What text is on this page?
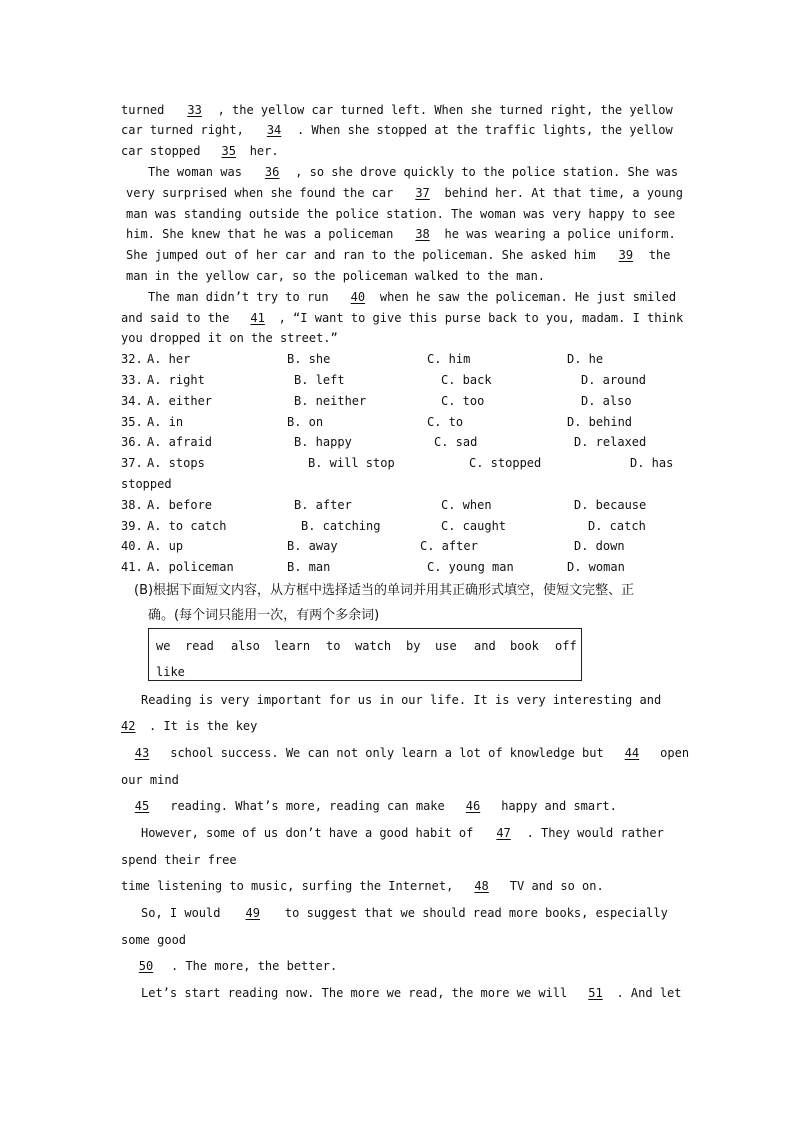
turned 33 , the yellow car turned left. When she turned right, the yellow
car turned right, 34 . When she stopped at the traffic lights, the yellow
car stopped 35 her.
The woman was 36 , so she drove quickly to the police station. She was
very surprised when she found the car 37 behind her. At that time, a young
man was standing outside the police station. The woman was very happy to see
him. She knew that he was a policeman 38 he was wearing a police uniform.
She jumped out of her car and ran to the policeman. She asked him 39 the
man in the yellow car, so the policeman walked to the man.
The man didn’t try to run 40 when he saw the policeman. He just smiled
and said to the 41 , “I want to give this purse back to you, madam. I think
you dropped it on the street.”
32. A. her	B. she	C. him	D. he
33. A. right	B. left	C. back	D. around
34. A. either	B. neither	C. too	D. also
35. A. in	B. on	C. to	D. behind
36. A. afraid	B. happy	C. sad	D. relaxed
37. A. stops	B. will stop	C. stopped	D. has
stopped
38. A. before	B. after	C. when	D. because
39. A. to catch	B. catching	C. caught	D. catch
40. A. up	B. away	C. after	D. down
41. A. policeman	B. man	C. young man	D. woman
(B)根据下面短文内容，从方框中选择适当的单词并用其正确形式填空，使短文完整、正
确。(每个词只能用一次，有两个多余词)
we read also learn to watch by use and book off
like
Reading is very important for us in our life. It is very interesting and
42 . It is the key
43 school success. We can not only learn a lot of knowledge but 44 open
our mind
45 reading. What’s more, reading can make 46 happy and smart.
However, some of us don’t have a good habit of 47 . They would rather
spend their free
time listening to music, surfing the Internet, 48 TV and so on.
So, I would 49 to suggest that we should read more books, especially
some good
50 . The more, the better.
Let’s start reading now. The more we read, the more we will 51 . And let
